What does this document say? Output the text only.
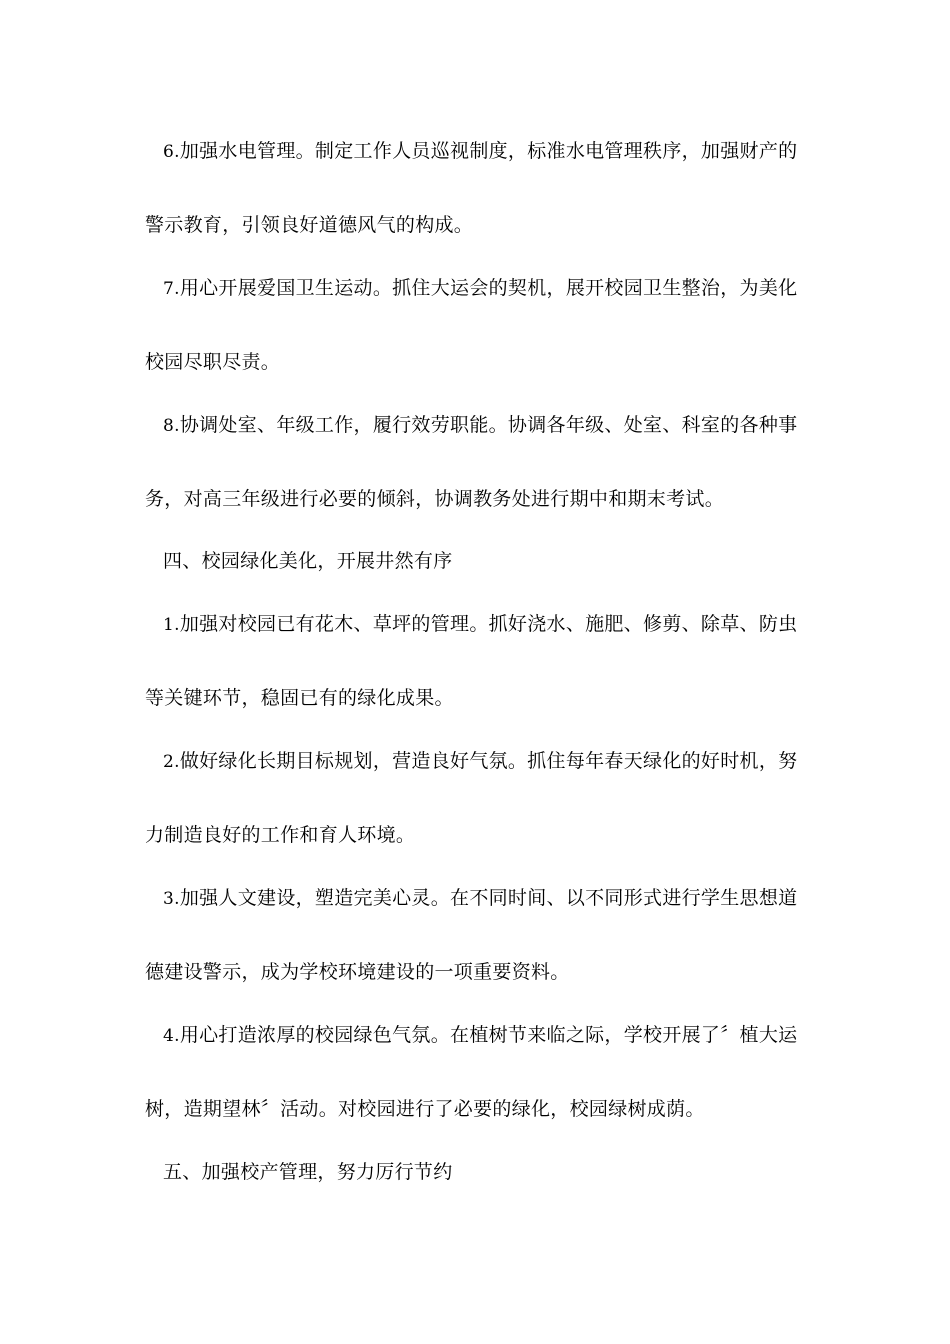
6.加强水电管理。制定工作人员巡视制度，标准水电管理秩序，加强财产的
警示教育，引领良好道德风气的构成。
7.用心开展爱国卫生运动。抓住大运会的契机，展开校园卫生整治，为美化
校园尽职尽责。
8.协调处室、年级工作，履行效劳职能。协调各年级、处室、科室的各种事
务，对高三年级进行必要的倾斜，协调教务处进行期中和期末考试。
四、校园绿化美化，开展井然有序
1.加强对校园已有花木、草坪的管理。抓好浇水、施肥、修剪、除草、防虫
等关键环节，稳固已有的绿化成果。
2.做好绿化长期目标规划，营造良好气氛。抓住每年春天绿化的好时机，努
力制造良好的工作和育人环境。
3.加强人文建设，塑造完美心灵。在不同时间、以不同形式进行学生思想道
德建设警示，成为学校环境建设的一项重要资料。
4.用心打造浓厚的校园绿色气氛。在植树节来临之际，学校开展了〞植大运
树，造期望林〞活动。对校园进行了必要的绿化，校园绿树成荫。
五、加强校产管理，努力厉行节约
